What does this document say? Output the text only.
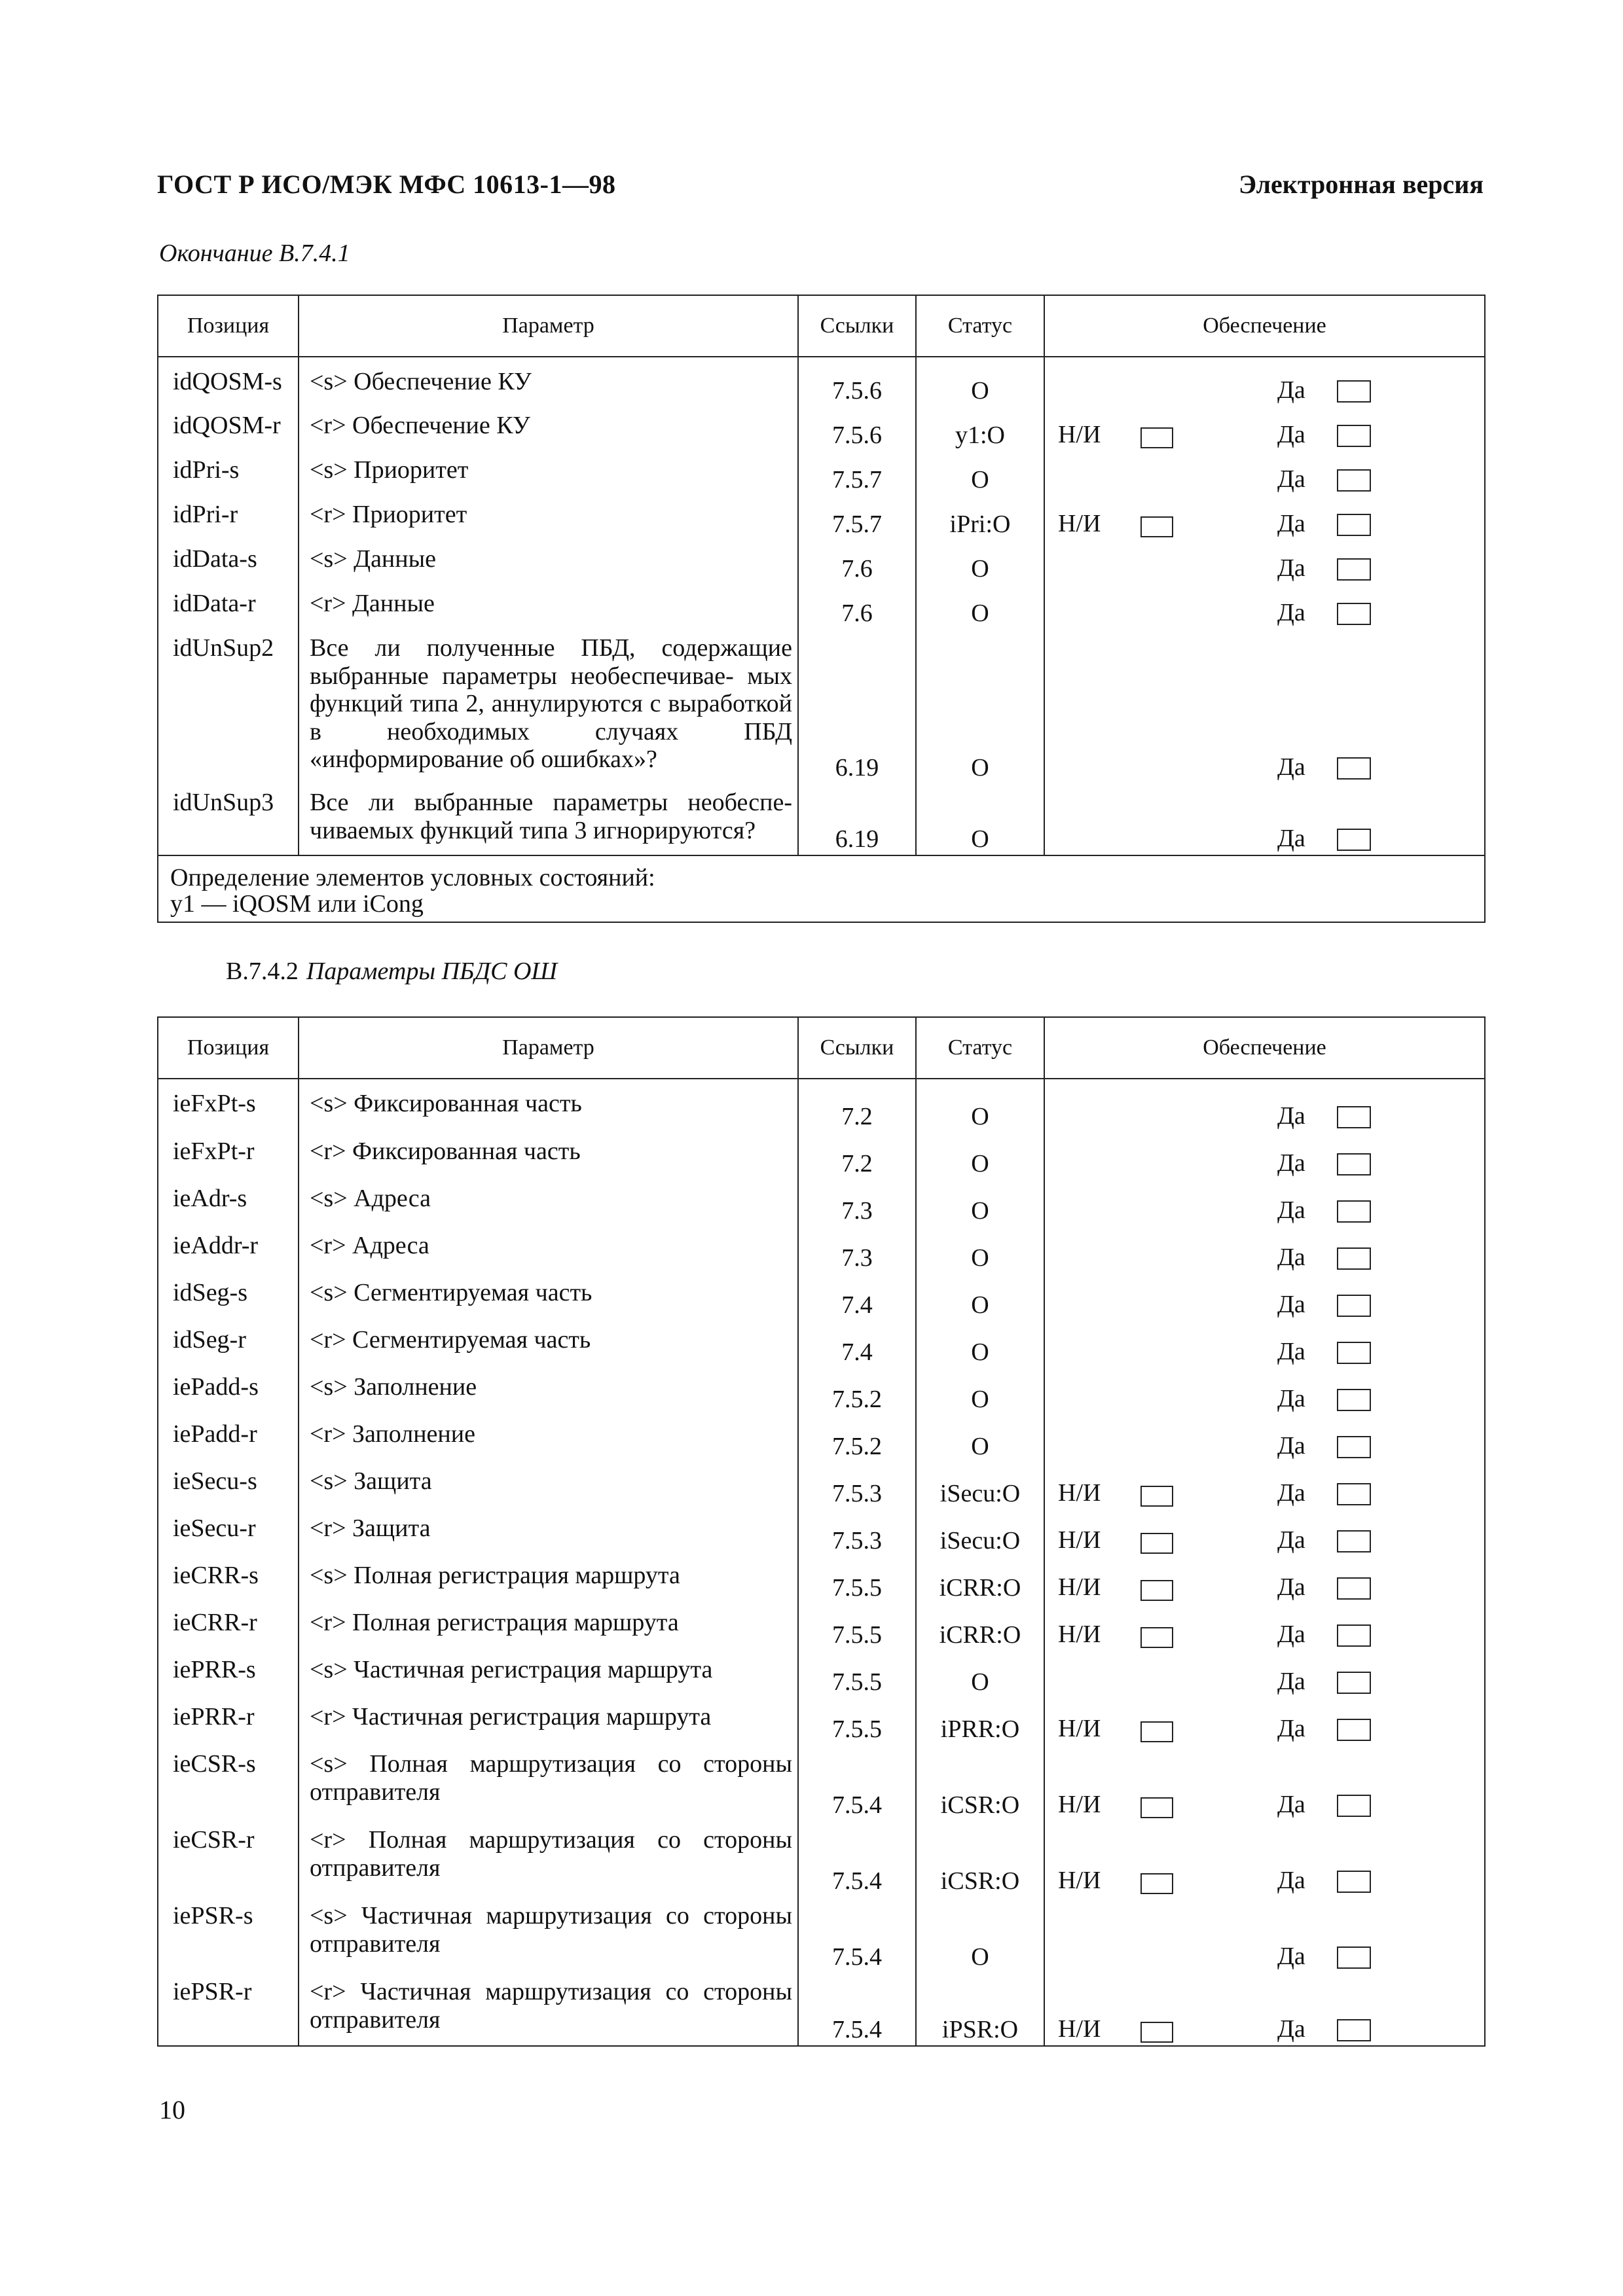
ГОСТ Р ИСО/МЭК МФС 10613-1—98	Электронная версия
Окончание В.7.4.1
Позиция	Параметр	Ссылки	Статус	Обеспечение
idQOSM-s	<s> Обеспечение КУ	7.5.6	O	Да

idQOSM-r	<r> Обеспечение КУ	7.5.6	y1:O	Н/И Да

idPri-s	<s> Приоритет	7.5.7	O	Да

idPri-r	<r> Приоритет	7.5.7	iPri:O	Н/И Да

idData-s	<s> Данные	7.6	O	Да

idData-r	<r> Данные	7.6	O	Да

idUnSup2	Все ли полученные ПБД, содержащие выбранные параметры необеспечивае- мых функций типа 2, аннулируются с выработкой в необходимых случаях ПБД «информирование об ошибках»?	6.19	O	Да

idUnSup3	Все ли выбранные параметры необеспе- чиваемых функций типа 3 игнорируются?	6.19	O	Да

Определение элементов условных состояний:
y1 — iQOSM или iCong				
В.7.4.2 Параметры ПБДС ОШ
Позиция	Параметр	Ссылки	Статус	Обеспечение
ieFxPt-s	<s> Фиксированная часть	7.2	O	Да

ieFxPt-r	<r> Фиксированная часть	7.2	O	Да

ieAdr-s	<s> Адреса	7.3	O	Да

ieAddr-r	<r> Адреса	7.3	O	Да

idSeg-s	<s> Сегментируемая часть	7.4	O	Да

idSeg-r	<r> Сегментируемая часть	7.4	O	Да

iePadd-s	<s> Заполнение	7.5.2	O	Да

iePadd-r	<r> Заполнение	7.5.2	O	Да

ieSecu-s	<s> Защита	7.5.3	iSecu:O	Н/И Да

ieSecu-r	<r> Защита	7.5.3	iSecu:O	Н/И Да

ieCRR-s	<s> Полная регистрация маршрута	7.5.5	iCRR:O	Н/И Да

ieCRR-r	<r> Полная регистрация маршрута	7.5.5	iCRR:O	Н/И Да

iePRR-s	<s> Частичная регистрация маршрута	7.5.5	O	Да

iePRR-r	<r> Частичная регистрация маршрута	7.5.5	iPRR:O	Н/И Да

ieCSR-s	<s> Полная маршрутизация со стороны отправителя	7.5.4	iCSR:O	Н/И Да

ieCSR-r	<r> Полная маршрутизация со стороны отправителя	7.5.4	iCSR:O	Н/И Да

iePSR-s	<s> Частичная маршрутизация со стороны отправителя	7.5.4	O	Да

iePSR-r	<r> Частичная маршрутизация со стороны отправителя	7.5.4	iPSR:O	Н/И Да
10
